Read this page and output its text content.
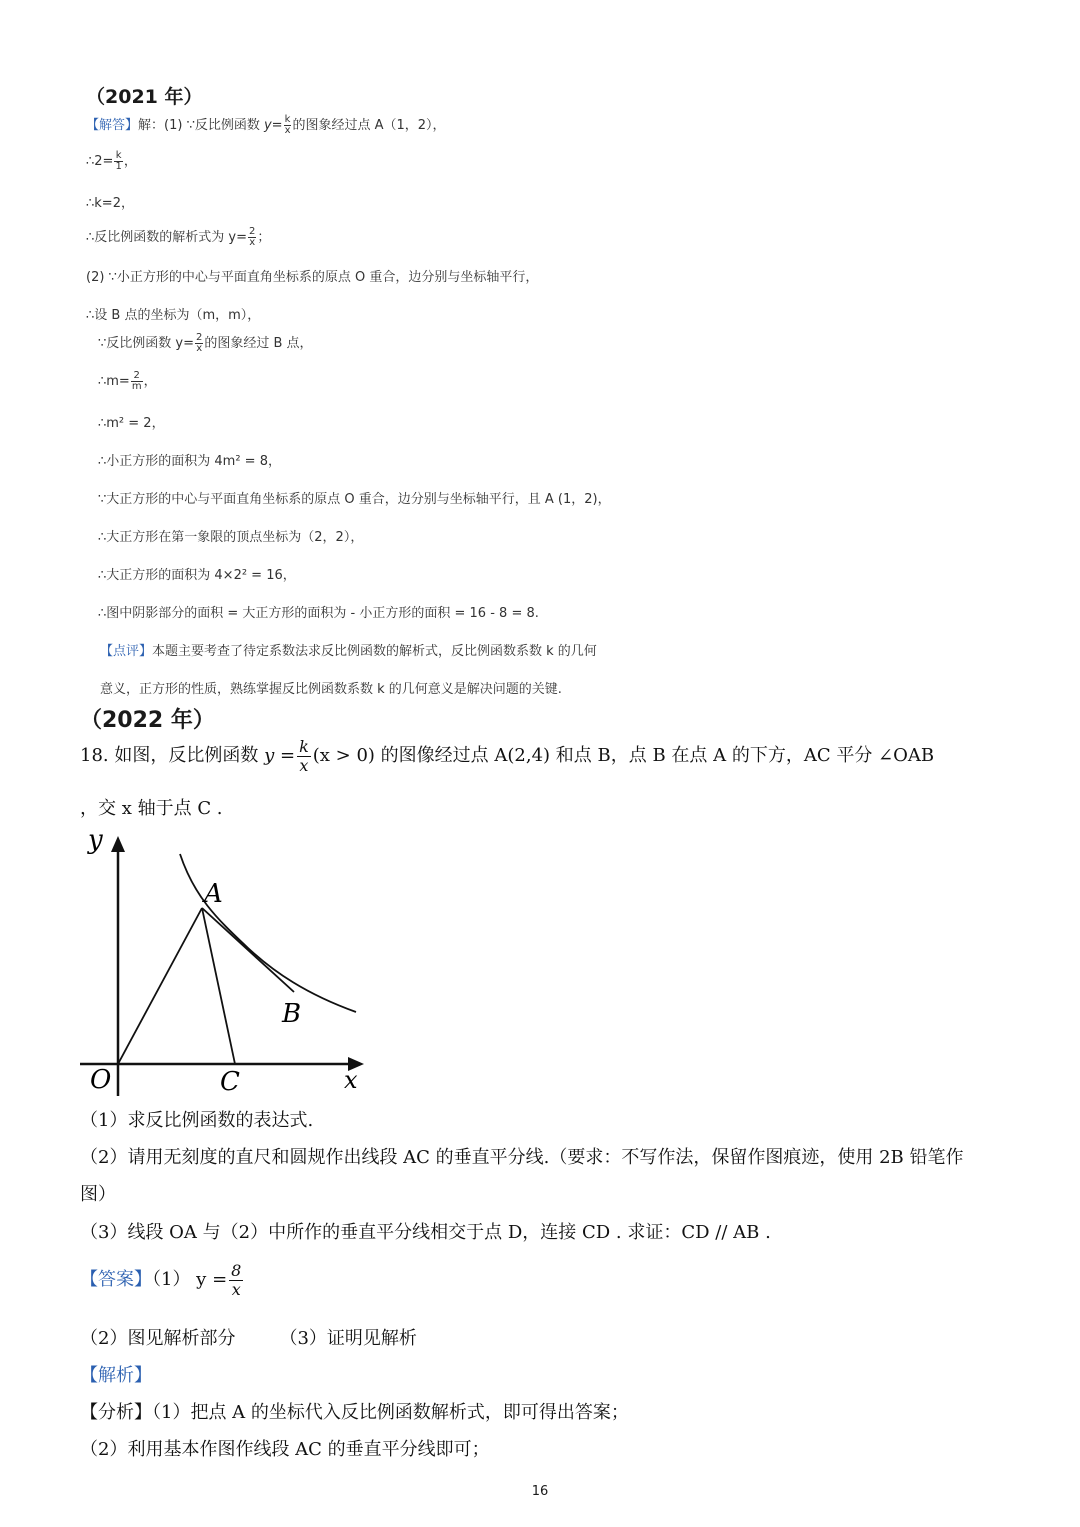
（2021 年）
【解答】解：(1) ∵反比例函数 $y= \frac{k}{x}$ 的图象经过点 A（1，2），
∴2= $\frac{k}{1}$ ，
∴k=2，
∴反比例函数的解析式为 $y= \frac{2}{x}$ ；
(2) ∵小正方形的中心与平面直角坐标系的原点 O 重合，边分别与坐标轴平行，
∴设 B 点的坐标为（m，m），
∵反比例函数 $y= \frac{2}{x}$ 的图象经过 B 点，
∴m= $\frac{2}{m}$ ，
∴m² = 2，
∴小正方形的面积为 4m² = 8，
∵大正方形的中心与平面直角坐标系的原点 O 重合，边分别与坐标轴平行，且 A (1，2)，
∴大正方形在第一象限的顶点坐标为（2，2），
∴大正方形的面积为 4×2² = 16，
∴图中阴影部分的面积 = 大正方形的面积为 - 小正方形的面积 = 16 - 8 = 8.
【点评】本题主要考查了待定系数法求反比例函数的解析式，反比例函数系数 k 的几何
意义，正方形的性质，熟练掌握反比例函数系数 k 的几何意义是解决问题的关键.
（2022 年）
18. 如图，反比例函数 $y = \frac{k}{x} (x > 0)$ 的图像经过点 A(2,4) 和点 B，点 B 在点 A 的下方，AC 平分 ∠OAB
，交 x 轴于点 C .
y
x
O
A
B
C
（1）求反比例函数的表达式.
（2）请用无刻度的直尺和圆规作出线段 AC 的垂直平分线.（要求：不写作法，保留作图痕迹，使用 2B 铅笔作
图）
（3）线段 OA 与（2）中所作的垂直平分线相交于点 D，连接 CD . 求证：CD // AB .
【答案】（1） $y = \frac{8}{x}$
（2）图见解析部分 （3）证明见解析
【解析】
【分析】（1）把点 A 的坐标代入反比例函数解析式，即可得出答案；
（2）利用基本作图作线段 AC 的垂直平分线即可；
16
